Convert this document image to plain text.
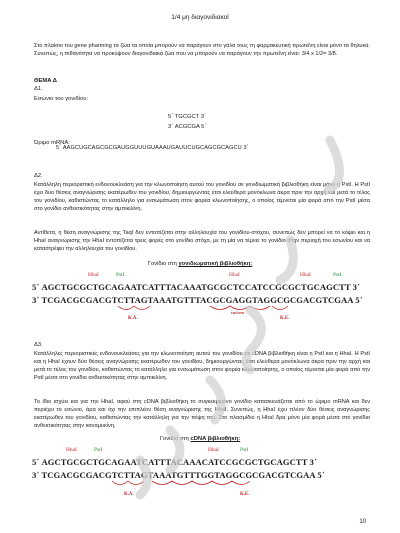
1/4 μη διαγονιδιακοί
Στο πλαίσιο του gene pharming τα ζώα τα οποία μπορούν να παράγουν στο γάλα τους τη φαρμακευτική πρωτεΐνη είναι μόνο τα θηλυκά. Συνεπώς, η πιθανότητα να προκύψουν διαγονιδιακά ζώα που να μπορούν να παράγουν την πρωτεΐνη είναι: 3/4 x 1/2= 3/8.
ΘΕΜΑ Δ
Δ1.
Εσώνιο του γονιδίου:
5΄ TGCGCT 3΄
3΄ ACGCGA 5΄
Ώριμο mRNA:
5΄ AAGCUGCAGCGCGAUGGUUUGUAAAUGAUUCUGCAGCGCAGCU 3΄
Δ2.
Κατάλληλη περιοριστική ενδονουκλεάση για την κλωνοποίηση αυτού του γονιδίου σε γονιδιωματική βιβλιοθήκη είναι μόνο η PstI. Η PstI έχει δύο θέσεις αναγνώρισης εκατέρωθεν του γονιδίου, δημιουργώντας έτσι ελεύθερα μονόκλωνα άκρα πριν την αρχή και μετά το τέλος του γονιδίου, καθιστώντας το κατάλληλο για ενσωμάτωση στον φορέα κλωνοποίησης, ο οποίος τέμνεται μία φορά από την PstI μέσα στο γονίδιο ανθεκτικότητας στην αμπικιλίνη.
Αντίθετα, η θέση αναγνώρισης της TaqI δεν εντοπίζεται στην αλληλουχία του γονιδίου-στόχου, συνεπώς δεν μπορεί να το κόψει και η HhaI αναγνώρισης την HhaI εντοπίζεται τρεις φορές στο γονίδιο στόχο, με τη μία να τέμνει το γονίδιο στην περιοχή του εσωνίου και να καταστρέφει την αλληλουχία του γονιδίου.
Γονίδιο στη γονιδιωματική βιβλιοθήκη:
HhaI	PstI	HhaI	HhaI	PstI
5΄ AGCTGCGCTGCAGAATCATTTACAAATGCGCTCCATCCGCGCTGCAGCTT 3΄
3΄ TCGACGCGACGTCTTAGTAAATGTTTACGCGAGGTAGGCGCGACGTCGAA 5΄
Κ.Α.
εσώνιο
Κ.Ε.
Δ3.
Κατάλληλες περιοριστικές ενδονουκλεάσες για την κλωνοποίηση αυτού του γονιδίου σε cDNA βιβλιοθήκη είναι η PstI και η HhaI. Η PstI και η HhaI έχουν δύο θέσεις αναγνώρισης εκατέρωθεν του γονιδίου, δημιουργώντας έτσι ελεύθερα μονόκλωνα άκρα πριν την αρχή και μετά το τέλος του γονιδίου, καθιστώντας το κατάλληλο για ενσωμάτωση στον φορέα κλωνοποίησης, ο οποίος τέμνεται μία φορά από την PstI μέσα στο γονίδιο ανθεκτικότητας στην αμπικιλίνη.
Το ίδιο ισχύει και για την HhaI, αφού στη cDNA βιβλιοθήκη το συγκεκριμένο γονίδιο κατασκευάζεται από το ώριμο mRNA και δεν περιέχει το εσώνιο, άρα και όχι την επιπλέον θέση αναγνώρισης της HhaI. Συνεπώς, η HhaI έχει πλέον δύο θέσεις αναγνώρισης εκατέρωθεν του γονιδίου, καθιστώντας την κατάλληλη για την πέψη του. Στο πλασμίδιο η HhaI δρα μόνο μία φορά μέσα στο γονίδιο ανθεκτικότητας στην καναμυκίνη.
Γονίδιο στη cDNA βιβλιοθήκη:
HhaI	PstI	HhaI	PstI
5΄ AGCTGCGCTGCAGAATCATTTACAAACATCCGCGCTGCAGCTT 3΄
3΄ TCGACGCGACGTCTTAGTAAATGTTTGGTAGGCGCGACGTCGAA 5΄
Κ.Α.	Κ.Ε.
10
